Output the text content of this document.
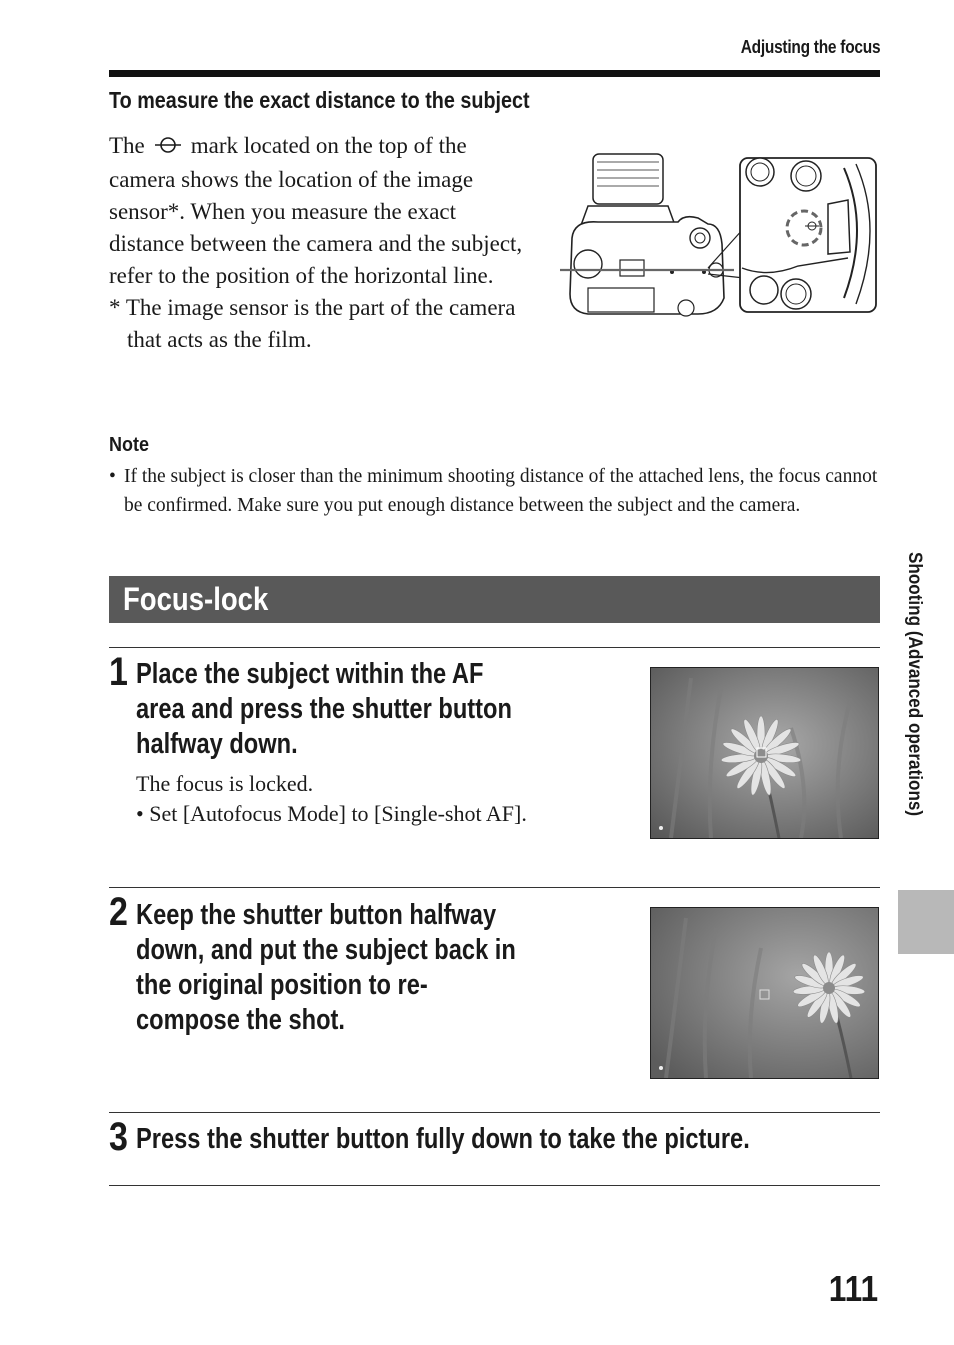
Adjusting the focus
To measure the exact distance to the subject

The mark located on the top of the camera shows the location of the image sensor*. When you measure the exact distance between the camera and the subject, refer to the position of the horizontal line.

* The image sensor is the part of the camera that acts as the film.

Note
• If the subject is closer than the minimum shooting distance of the attached lens, the focus cannot be confirmed. Make sure you put enough distance between the subject and the camera.
Focus-lock
1 Place the subject within the AF
area and press the shutter button
halfway down.

The focus is locked.

• Set [Autofocus Mode] to [Single-shot AF].

2 Keep the shutter button halfway
down, and put the subject back in
the original position to re-
compose the shot.
3 Press the shutter button fully down to take the picture.
Shooting (Advanced operations)
111
